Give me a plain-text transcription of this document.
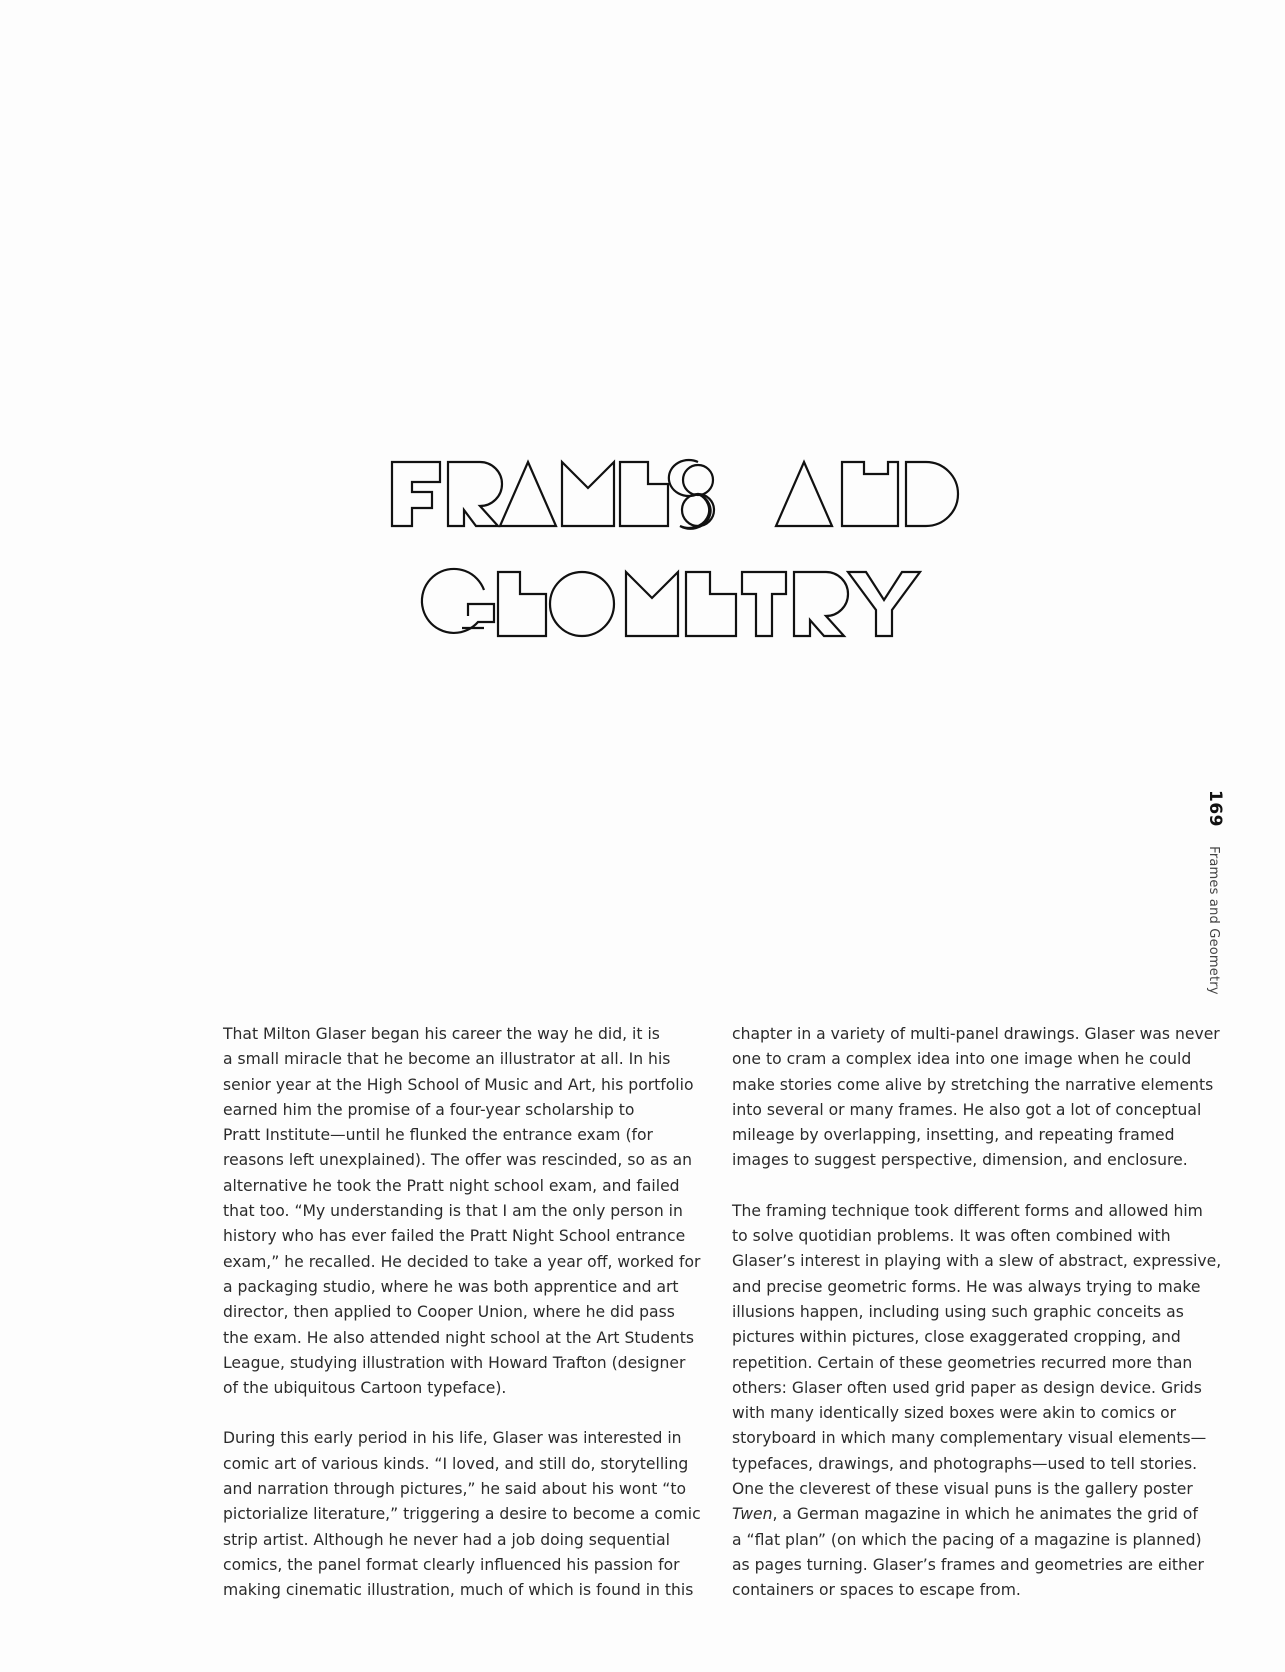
169 Frames and Geometry

That Milton Glaser began his career the way he did, it is
a small miracle that he become an illustrator at all. In his
senior year at the High School of Music and Art, his portfolio
earned him the promise of a four-year scholarship to
Pratt Institute—until he flunked the entrance exam (for
reasons left unexplained). The offer was rescinded, so as an
alternative he took the Pratt night school exam, and failed
that too. “My understanding is that I am the only person in
history who has ever failed the Pratt Night School entrance
exam,” he recalled. He decided to take a year off, worked for
a packaging studio, where he was both apprentice and art
director, then applied to Cooper Union, where he did pass
the exam. He also attended night school at the Art Students
League, studying illustration with Howard Trafton (designer
of the ubiquitous Cartoon typeface).

During this early period in his life, Glaser was interested in
comic art of various kinds. “I loved, and still do, storytelling
and narration through pictures,” he said about his wont “to
pictorialize literature,” triggering a desire to become a comic
strip artist. Although he never had a job doing sequential
comics, the panel format clearly influenced his passion for
making cinematic illustration, much of which is found in this

chapter in a variety of multi-panel drawings. Glaser was never
one to cram a complex idea into one image when he could
make stories come alive by stretching the narrative elements
into several or many frames. He also got a lot of conceptual
mileage by overlapping, insetting, and repeating framed
images to suggest perspective, dimension, and enclosure.

The framing technique took different forms and allowed him
to solve quotidian problems. It was often combined with
Glaser’s interest in playing with a slew of abstract, expressive,
and precise geometric forms. He was always trying to make
illusions happen, including using such graphic conceits as
pictures within pictures, close exaggerated cropping, and
repetition. Certain of these geometries recurred more than
others: Glaser often used grid paper as design device. Grids
with many identically sized boxes were akin to comics or
storyboard in which many complementary visual elements—
typefaces, drawings, and photographs—used to tell stories.
One the cleverest of these visual puns is the gallery poster
Twen, a German magazine in which he animates the grid of
a “flat plan” (on which the pacing of a magazine is planned)
as pages turning. Glaser’s frames and geometries are either
containers or spaces to escape from.
